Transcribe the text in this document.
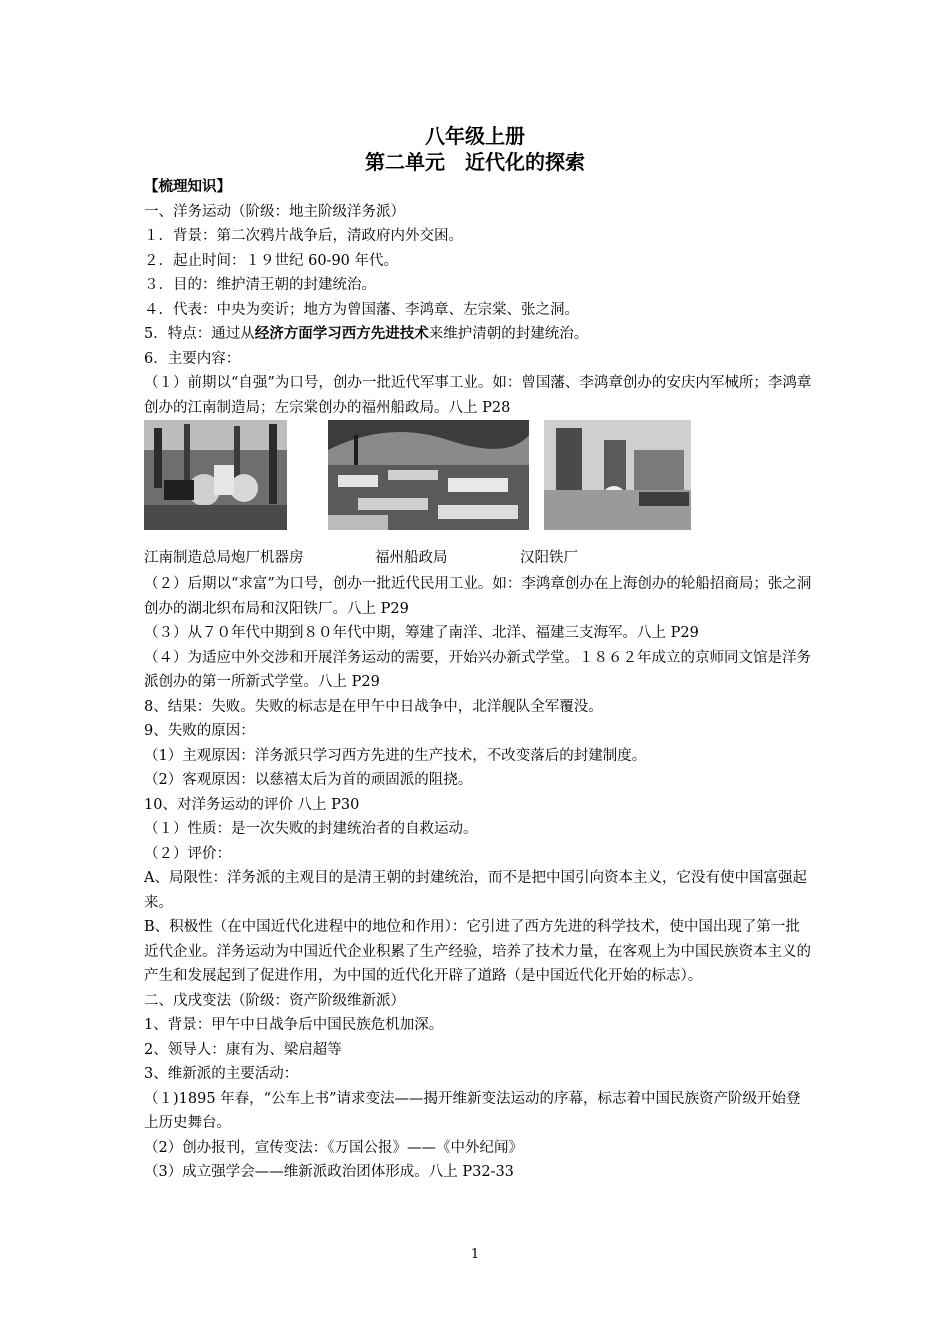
八年级上册
第二单元　近代化的探索

【梳理知识】

一、洋务运动（阶级：地主阶级洋务派）

１．背景：第二次鸦片战争后，清政府内外交困。

２．起止时间：１９世纪 60-90 年代。

３．目的：维护清王朝的封建统治。

４．代表：中央为奕䜣；地方为曾国藩、李鸿章、左宗棠、张之洞。

5．特点：通过从经济方面学习西方先进技术来维护清朝的封建统治。

6．主要内容：

（１）前期以“自强”为口号，创办一批近代军事工业。如：曾国藩、李鸿章创办的安庆内军械所；李鸿章创办的江南制造局；左宗棠创办的福州船政局。八上 P28

江南制造总局炮厂机器房	福州船政局	汉阳铁厂

（２）后期以“求富”为口号，创办一批近代民用工业。如：李鸿章创办在上海创办的轮船招商局；张之洞创办的湖北织布局和汉阳铁厂。八上 P29

（３）从７０年代中期到８０年代中期，筹建了南洋、北洋、福建三支海军。八上 P29

（４）为适应中外交涉和开展洋务运动的需要，开始兴办新式学堂。１８６２年成立的京师同文馆是洋务派创办的第一所新式学堂。八上 P29

8、结果：失败。失败的标志是在甲午中日战争中，北洋舰队全军覆没。

9、失败的原因：

（1）主观原因：洋务派只学习西方先进的生产技术，不改变落后的封建制度。

（2）客观原因：以慈禧太后为首的顽固派的阻挠。

10、对洋务运动的评价 八上 P30

（１）性质：是一次失败的封建统治者的自救运动。

（２）评价：

A、局限性：洋务派的主观目的是清王朝的封建统治，而不是把中国引向资本主义，它没有使中国富强起来。

B、积极性（在中国近代化进程中的地位和作用）：它引进了西方先进的科学技术，使中国出现了第一批近代企业。洋务运动为中国近代企业积累了生产经验，培养了技术力量，在客观上为中国民族资本主义的产生和发展起到了促进作用，为中国的近代化开辟了道路（是中国近代化开始的标志）。

二、戊戌变法（阶级：资产阶级维新派）

1、背景：甲午中日战争后中国民族危机加深。

2、领导人：康有为、梁启超等

3、维新派的主要活动：

（１)1895 年春，“公车上书”请求变法——揭开维新变法运动的序幕，标志着中国民族资产阶级开始登上历史舞台。

（2）创办报刊，宣传变法：《万国公报》——《中外纪闻》

（3）成立强学会——维新派政治团体形成。八上 P32-33

1
